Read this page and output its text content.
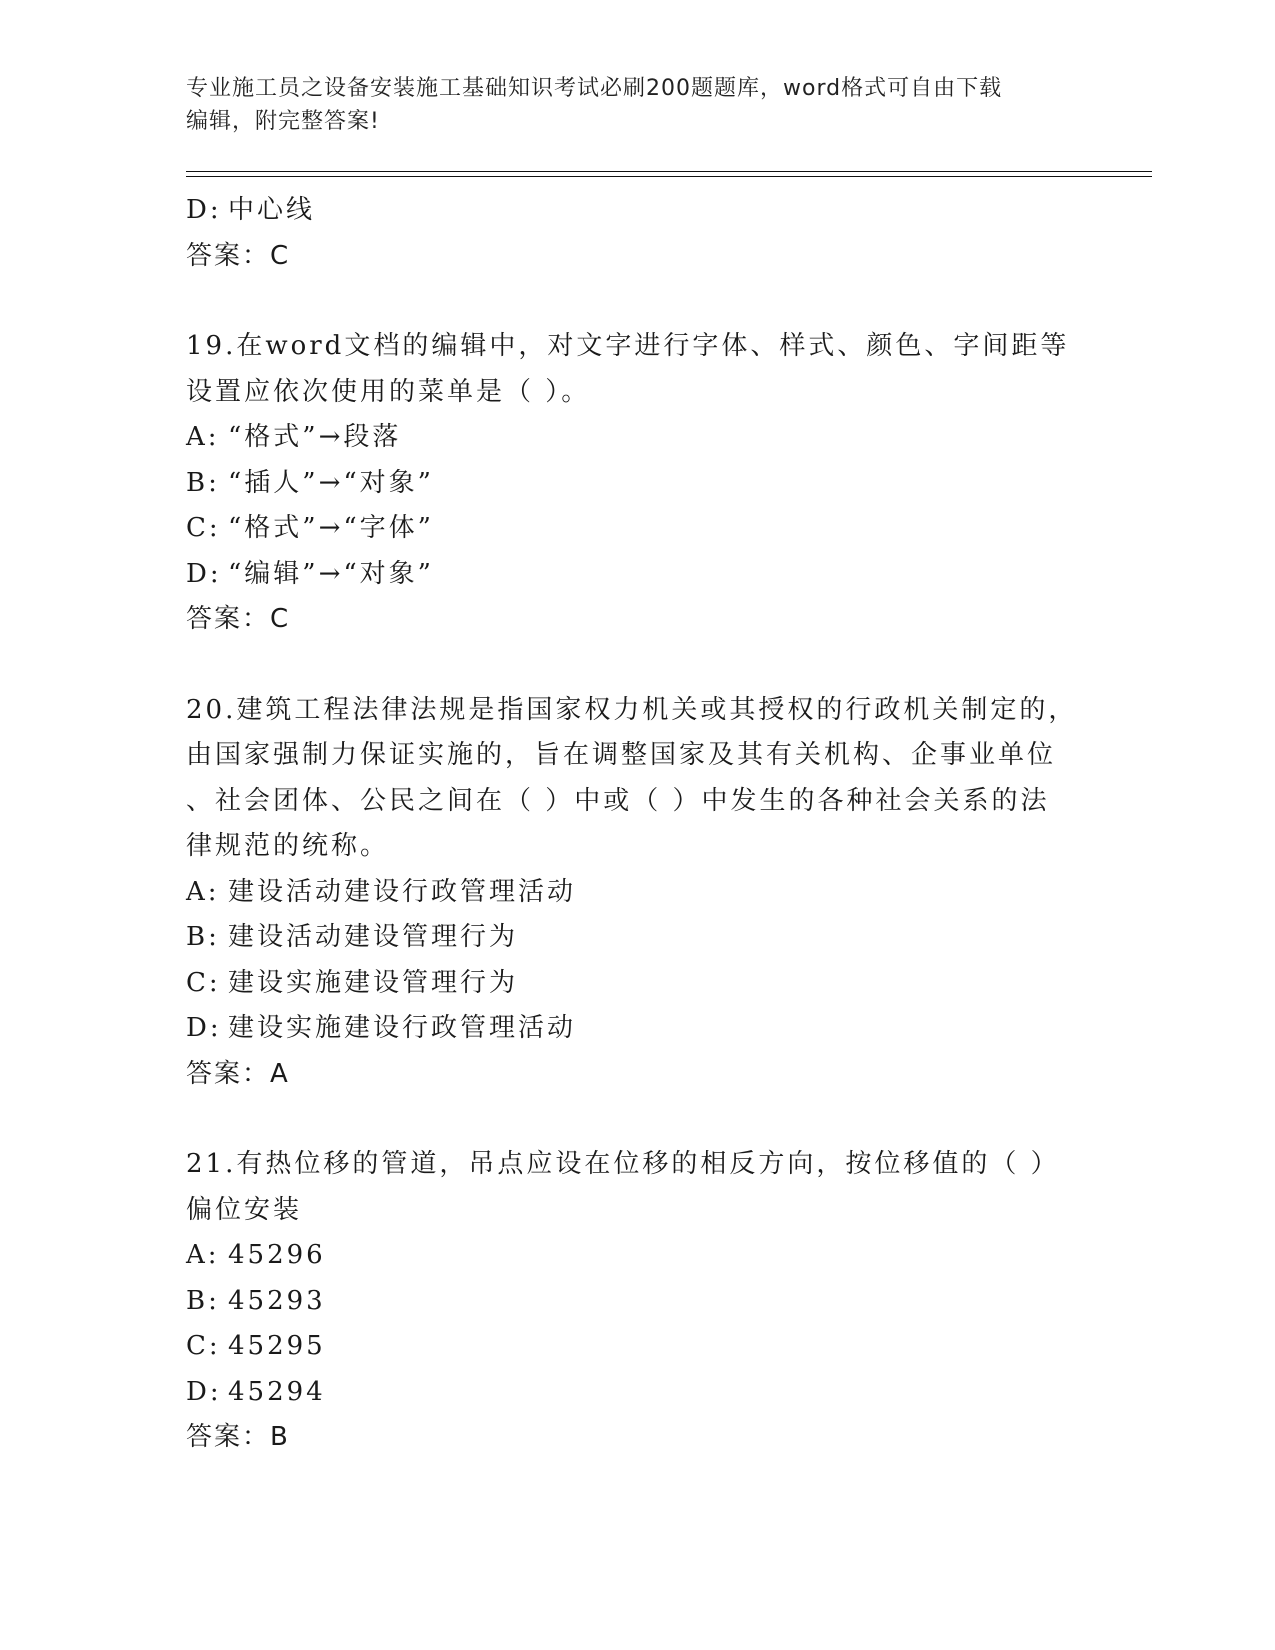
专业施工员之设备安装施工基础知识考试必刷200题题库，word格式可自由下载
编辑，附完整答案!
D: 中心线
答案：C
19.在word文档的编辑中，对文字进行字体、样式、颜色、字间距等
设置应依次使用的菜单是（ ）。
A: “格式”→段落
B: “插人”→“对象”
C: “格式”→“字体”
D: “编辑”→“对象”
答案：C
20.建筑工程法律法规是指国家权力机关或其授权的行政机关制定的，
由国家强制力保证实施的，旨在调整国家及其有关机构、企事业单位
、社会团体、公民之间在（ ）中或（ ）中发生的各种社会关系的法
律规范的统称。
A: 建设活动建设行政管理活动
B: 建设活动建设管理行为
C: 建设实施建设管理行为
D: 建设实施建设行政管理活动
答案：A
21.有热位移的管道，吊点应设在位移的相反方向，按位移值的（ ）
偏位安装
A: 45296
B: 45293
C: 45295
D: 45294
答案：B
